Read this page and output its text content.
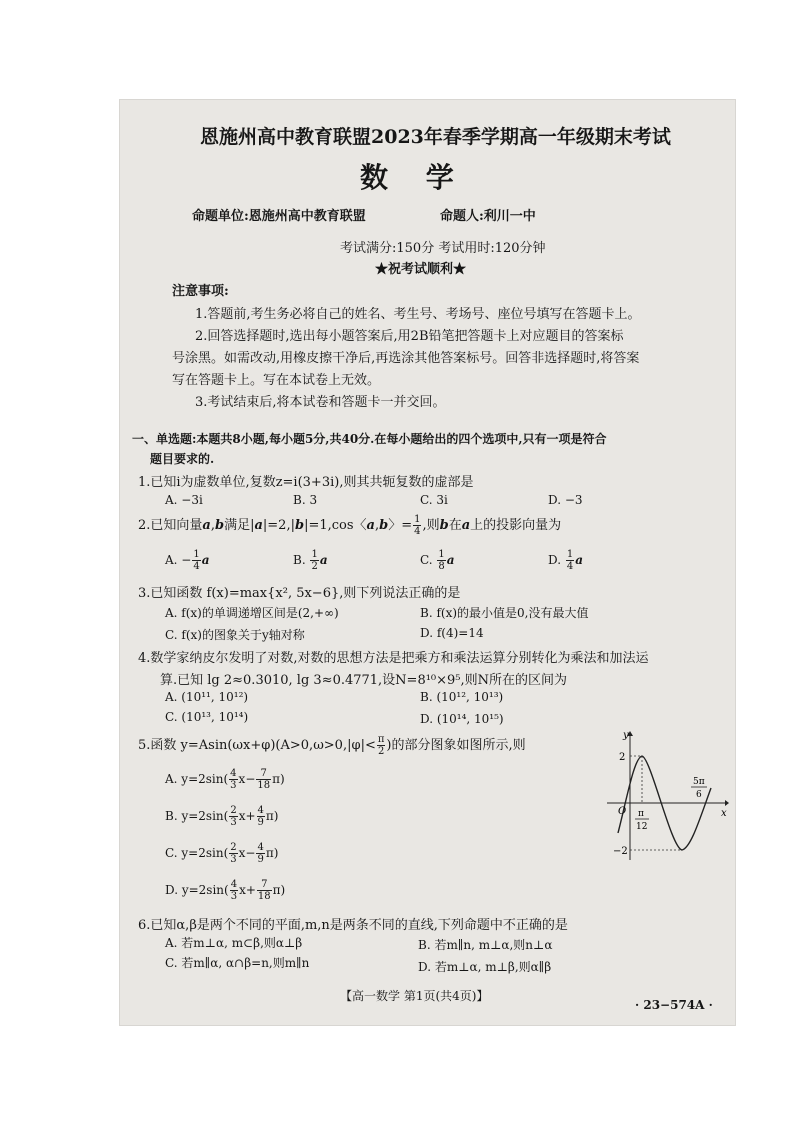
恩施州高中教育联盟2023年春季学期高一年级期末考试
数 学
命题单位:恩施州高中教育联盟	命题人:利川一中
考试满分:150分 考试用时:120分钟
★祝考试顺利★
注意事项:
1.答题前,考生务必将自己的姓名、考生号、考场号、座位号填写在答题卡上。
2.回答选择题时,选出每小题答案后,用2B铅笔把答题卡上对应题目的答案标
号涂黑。如需改动,用橡皮擦干净后,再选涂其他答案标号。回答非选择题时,将答案
写在答题卡上。写在本试卷上无效。
3.考试结束后,将本试卷和答题卡一并交回。
一、单选题:本题共8小题,每小题5分,共40分.在每小题给出的四个选项中,只有一项是符合
题目要求的.
1.已知i为虚数单位,复数z=i(3+3i),则其共轭复数的虚部是
A. −3i	B. 3	C. 3i	D. −3
2.已知向量a,b满足|a|=2,|b|=1,cos〈a,b〉= $\frac{1}{4}$ ,则b在a上的投影向量为
A. − $\frac{1}{4}$ a	B. $\frac{1}{2}$ a	C. $\frac{1}{8}$ a	D. $\frac{1}{4}$ a
3.已知函数 f(x)=max{x², 5x−6},则下列说法正确的是
A. f(x)的单调递增区间是(2,+∞)	B. f(x)的最小值是0,没有最大值
C. f(x)的图象关于y轴对称	D. f(4)=14
4.数学家纳皮尔发明了对数,对数的思想方法是把乘方和乘法运算分别转化为乘法和加法运
算.已知 lg 2≈0.3010, lg 3≈0.4771,设N=8¹⁰×9⁵,则N所在的区间为
A. (10¹¹, 10¹²)	B. (10¹², 10¹³)
C. (10¹³, 10¹⁴)	D. (10¹⁴, 10¹⁵)
5.函数 $y=Asin(\omega x+\varphi)(A>0,\omega>0,|\varphi|< \frac{\pi}{2}$ )的部分图象如图所示,则
A. $y=2\sin( \frac{4}{3} x- \frac{7}{18} \pi)$
B. $y=2\sin( \frac{2}{3} x+ \frac{4}{9} \pi)$
C. $y=2\sin( \frac{2}{3} x- \frac{4}{9} \pi)$
D. $y=2\sin( \frac{4}{3} x+ \frac{7}{18} \pi)$
y
x
O
2
−2
π
12
5π
6
6.已知α,β是两个不同的平面,m,n是两条不同的直线,下列命题中不正确的是
A. 若m⊥α, m⊂β,则α⊥β	B. 若m∥n, m⊥α,则n⊥α
C. 若m∥α, α∩β=n,则m∥n	D. 若m⊥α, m⊥β,则α∥β
【高一数学 第1页(共4页)】
· 23−574A ·
